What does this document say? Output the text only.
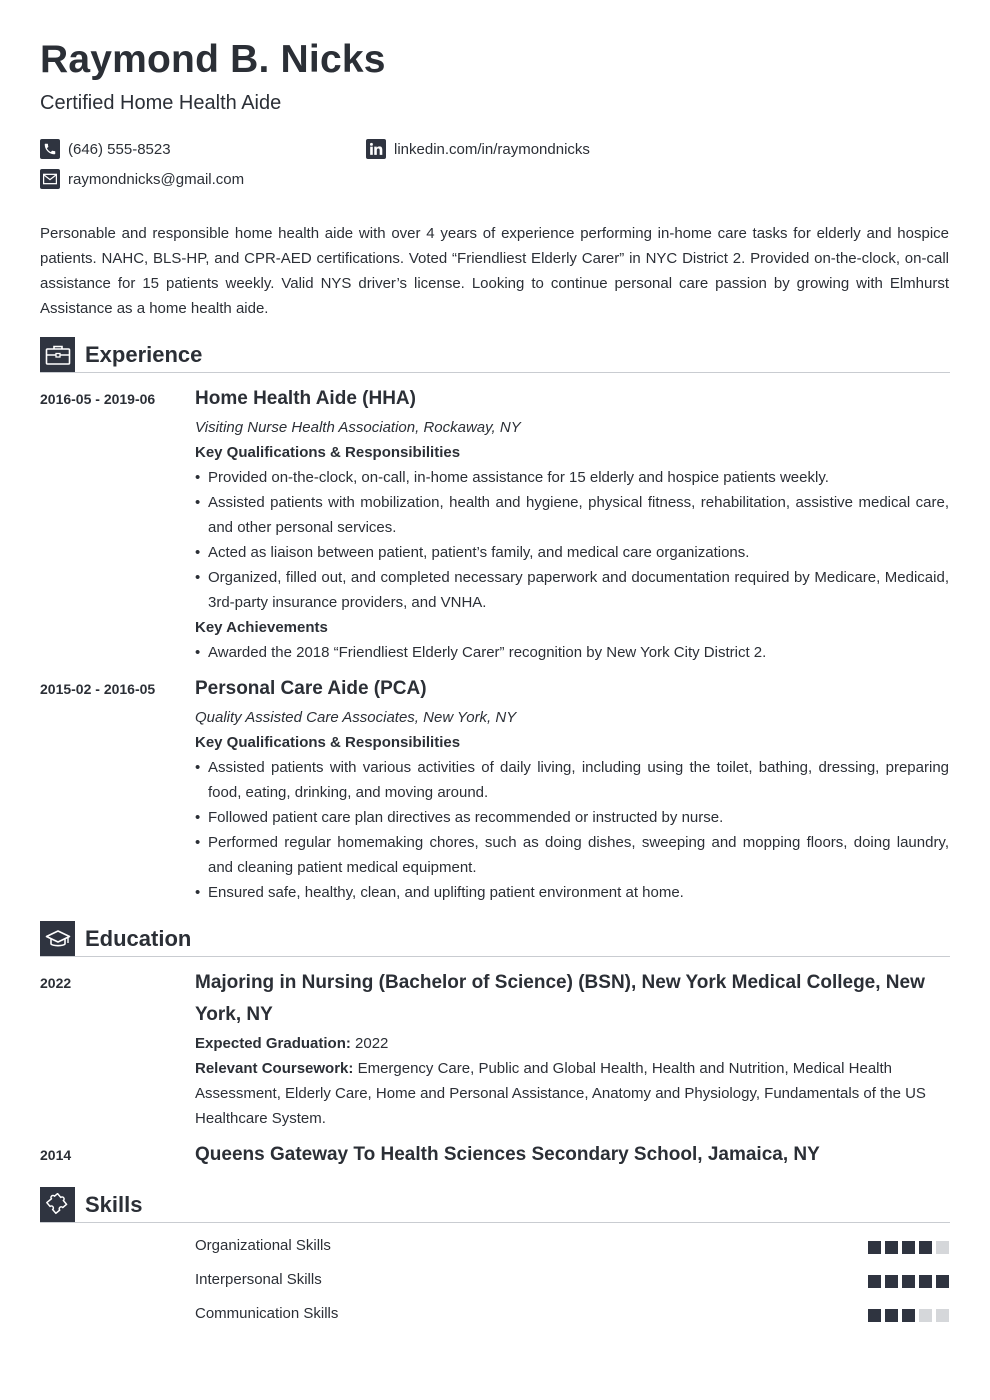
Raymond B. Nicks
Certified Home Health Aide
(646) 555-8523	linkedin.com/in/raymondnicks
raymondnicks@gmail.com
Personable and responsible home health aide with over 4 years of experience performing in-home care tasks for elderly and hospice patients. NAHC, BLS-HP, and CPR-AED certifications. Voted “Friendliest Elderly Carer” in NYC District 2. Provided on-the-clock, on-call assistance for 15 patients weekly. Valid NYS driver’s license. Looking to continue personal care passion by growing with Elmhurst Assistance as a home health aide.
Experience
2016-05 - 2019-06 Home Health Aide (HHA)
Visiting Nurse Health Association, Rockaway, NY
Key Qualifications & Responsibilities
• Provided on-the-clock, on-call, in-home assistance for 15 elderly and hospice patients weekly.
• Assisted patients with mobilization, health and hygiene, physical fitness, rehabilitation, assistive medical care, and other personal services.
• Acted as liaison between patient, patient’s family, and medical care organizations.
• Organized, filled out, and completed necessary paperwork and documentation required by Medicare, Medicaid, 3rd-party insurance providers, and VNHA.
Key Achievements
• Awarded the 2018 “Friendliest Elderly Carer” recognition by New York City District 2.
2015-02 - 2016-05 Personal Care Aide (PCA)
Quality Assisted Care Associates, New York, NY
Key Qualifications & Responsibilities
• Assisted patients with various activities of daily living, including using the toilet, bathing, dressing, preparing food, eating, drinking, and moving around.
• Followed patient care plan directives as recommended or instructed by nurse.
• Performed regular homemaking chores, such as doing dishes, sweeping and mopping floors, doing laundry, and cleaning patient medical equipment.
• Ensured safe, healthy, clean, and uplifting patient environment at home.
Education
2022	Majoring in Nursing (Bachelor of Science) (BSN), New York Medical College, New York, NY
Expected Graduation: 2022
Relevant Coursework: Emergency Care, Public and Global Health, Health and Nutrition, Medical Health Assessment, Elderly Care, Home and Personal Assistance, Anatomy and Physiology, Fundamentals of the US Healthcare System.
2014	Queens Gateway To Health Sciences Secondary School, Jamaica, NY
Skills
Organizational Skills
Interpersonal Skills
Communication Skills
